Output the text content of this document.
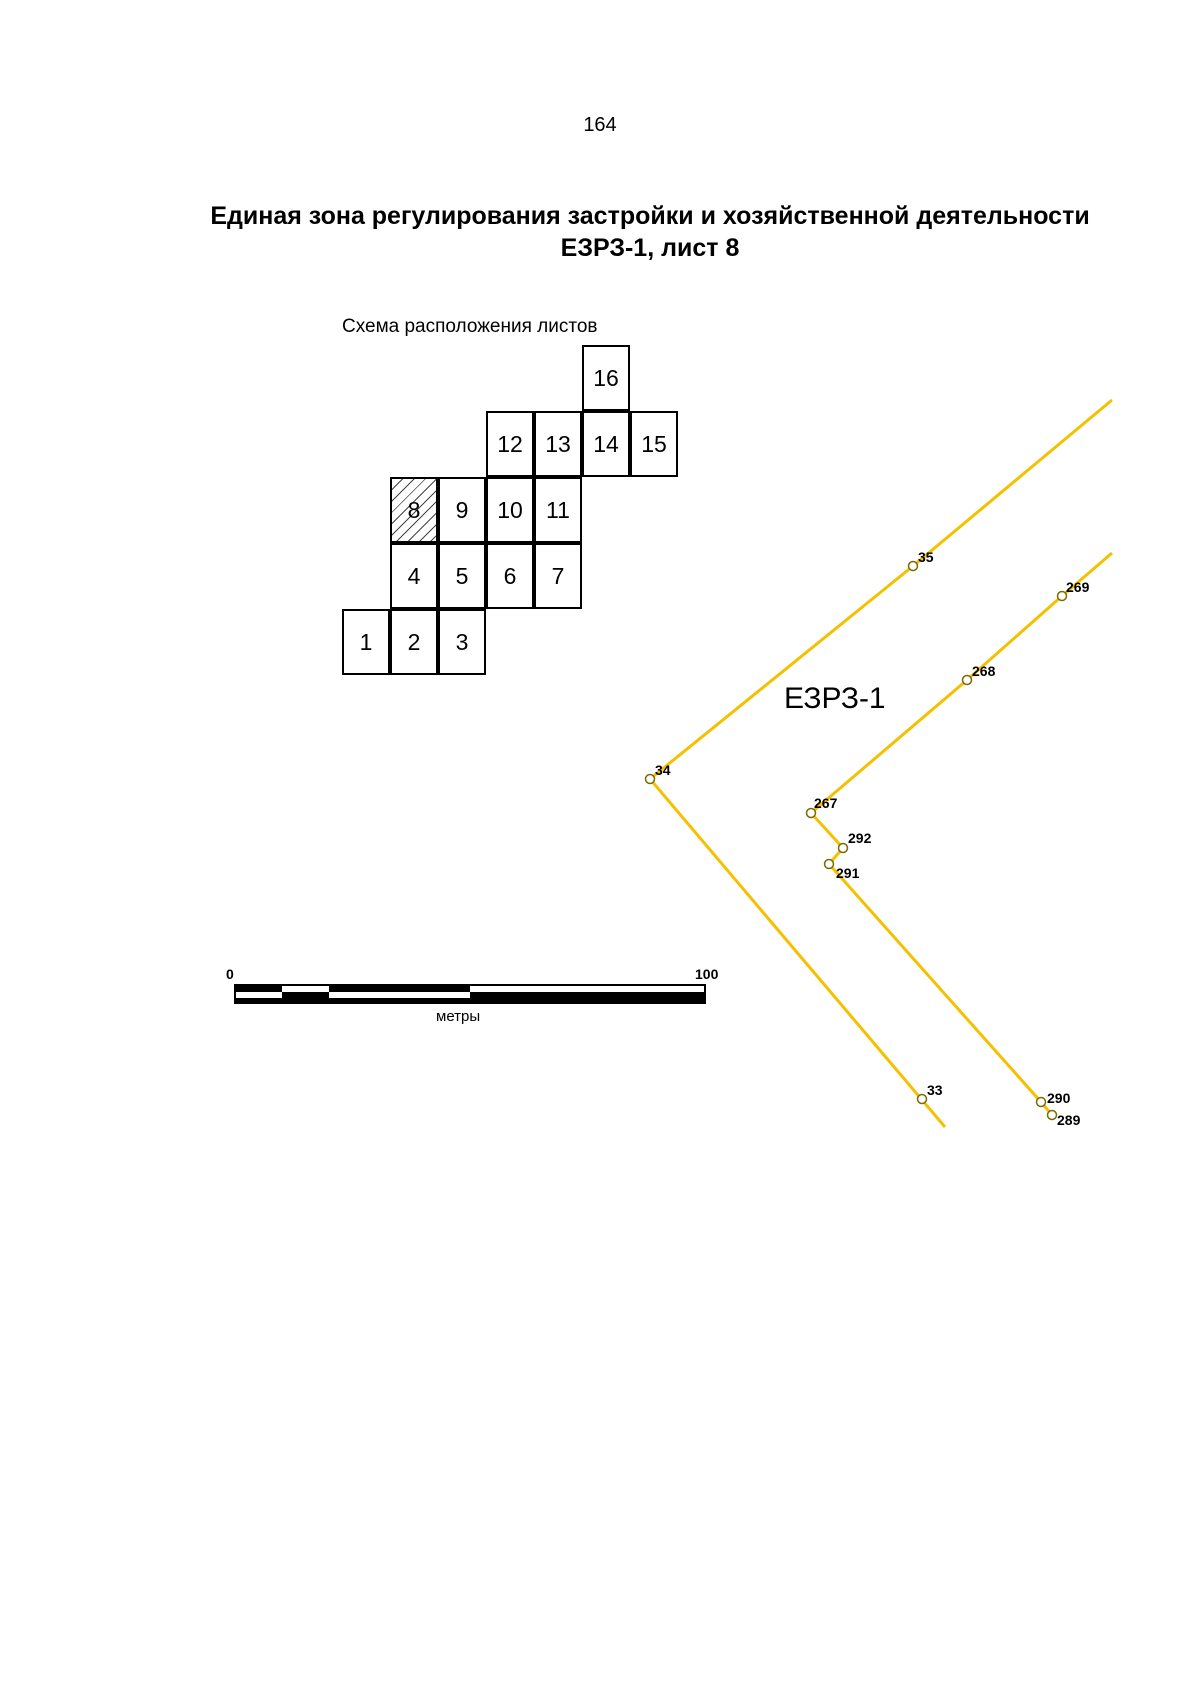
164
Единая зона регулирования застройки и хозяйственной деятельности
ЕЗРЗ-1, лист 8
Схема расположения листов
16
12 13 14 15
8	9	10	11
4	5	6	7
1	2	3
35
269
268
34
267
292
291
33	290
289
ЕЗРЗ-1
0	100
метры
